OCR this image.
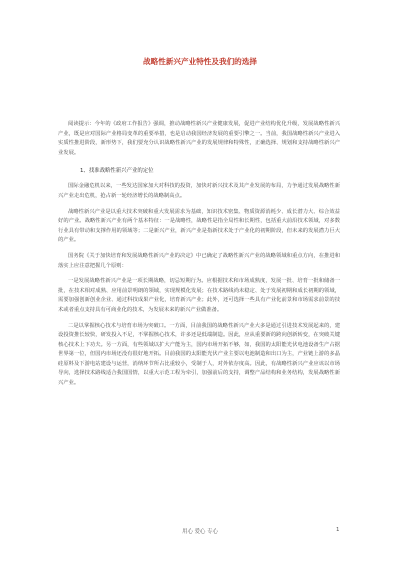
战略性新兴产业特性及我们的选择

阅读提示：今年的《政府工作报告》强调，推动战略性新兴产业健康发展，促进产业结构优化升级，发展战略性新兴产业，既是应对国际产业格局变革的重要举措，也是启动我国经济发展的重要引擎之一。当前，我国战略性新兴产业进入实质性推进阶段，新形势下，我们要充分认识战略性新兴产业的发展规律和特殊性，正确选择、规划和支持战略性新兴产业发展。

1、找准战略性新兴产业的定位

国际金融危机以来，一些发达国家加大对科技的投资，加快对新兴技术及其产业发展的布局，力争通过发展战略性新兴产业走出危机，抢占新一轮经济增长的战略制高点。

战略性新兴产业是以重大技术突破和重大发展需求为基础，知识技术密集、物质资源消耗少、成长潜力大、综合效益好的产业。战略性新兴产业有两个基本特征：一是战略性，战略性是指全局性和长期性，包括重大前沿技术领域，对多数行业具有带动和支撑作用的领域等；二是新兴产业，新兴产业是指新技术处于产业化的初期阶段，但未来的发展潜力巨大的产业。

国务院《关于加快培育和发展战略性新兴产业的决定》中已确定了战略性新兴产业的战略领域和重点方向，在推进和落实上应注意把握几个原则：

一是发展战略性新兴产业是一项长期战略，切忌短期行为。应根据技术和市场成熟度，发展一批、培育一批和储备一批，在技术相对成熟、应用前景明朗的领域，实现规模化发展；在技术路线尚未稳定、处于发展初期和成长初期的领域，需要加强创新创业企业、通过科技成果产业化，培育新兴产业；此外，还可选择一些具有产业化前景和市场需求前景的技术或者重点支持具有可商业化的技术，为发展未来的新兴产业做准备。

二是以掌握核心技术与培育市场为突破口。一方面，目前我国的战略性新兴产业大多是通过引进技术发展起来的，建设投资推长较快，研发投入不足，不掌握核心技术，许多还是低端制造。因此，应从重要新的跨向创新转变，在突破关键核心技术上下功夫。另一方面，有些领域以扩大产能为主，国内市场开拓不够，如，我国的太阳能光伏电池设备生产占据世界第一位，但国内市场还没有很好地开拓。目前我国的太阳能光伏产业主要以电池制造和出口为主，产业链上游的多晶硅原料及下游电站建设与运营，消纳环节所占比重较小，受制于人，对外依存度高。因此，有战略性新兴产业应该以市场导向，选择技术路线适合我国国情，以重大示范工程为牵引，加强前后的支持，调整产品结构和业务结构，发展战略性新兴产业。

用心 爱心 专心	1
